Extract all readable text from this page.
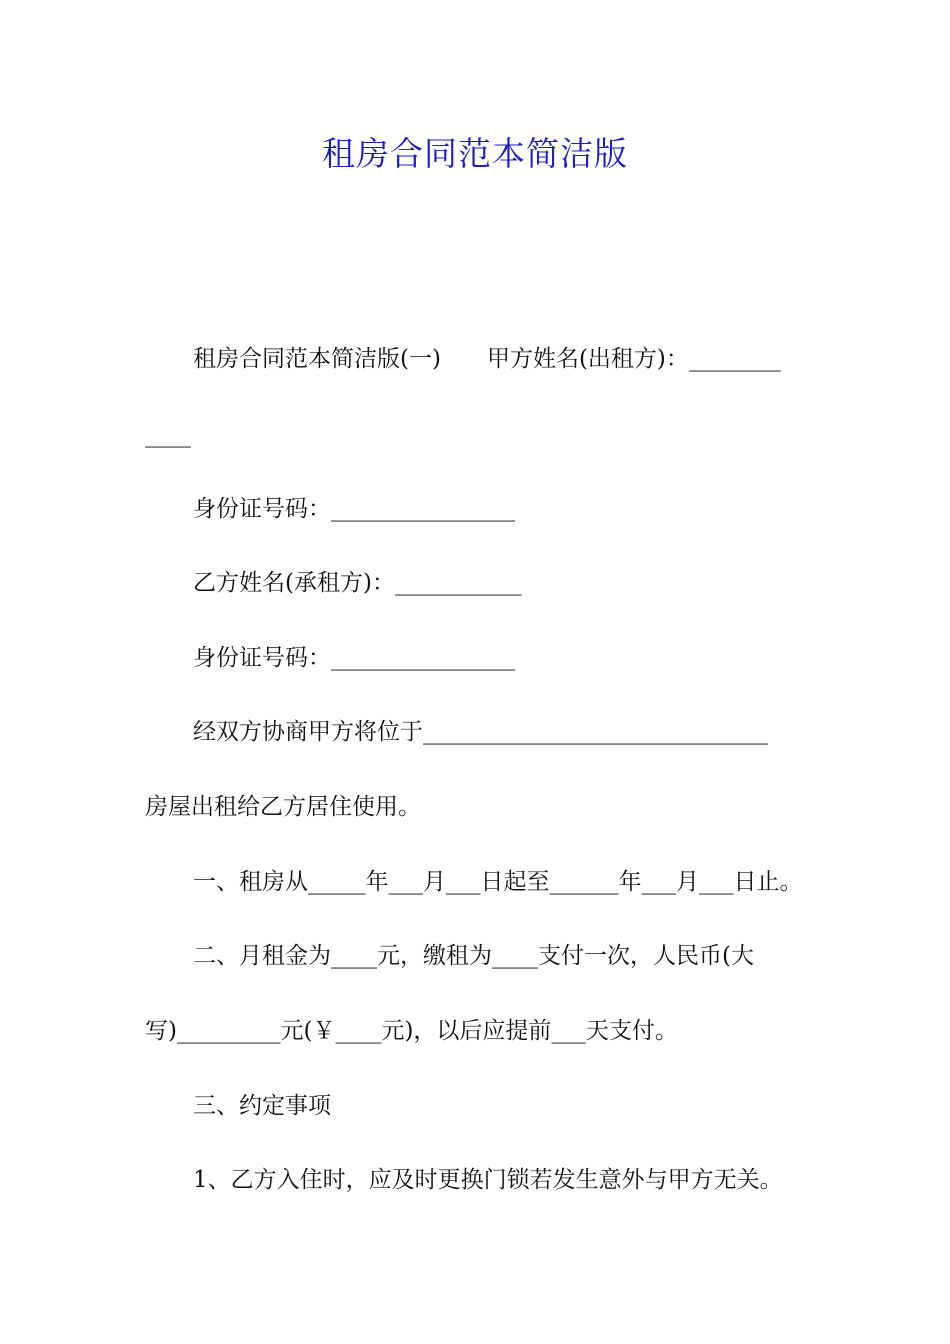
租房合同范本简洁版
租房合同范本简洁版(一)　　甲方姓名(出租方)：________
____
身份证号码：________________
乙方姓名(承租方)：___________
身份证号码：________________
经双方协商甲方将位于______________________________
房屋出租给乙方居住使用。
一、租房从_____年___月___日起至______年___月___日止。
二、月租金为____元，缴租为____支付一次，人民币(大
写)_________元(￥____元)，以后应提前___天支付。
三、约定事项
1、乙方入住时，应及时更换门锁若发生意外与甲方无关。
